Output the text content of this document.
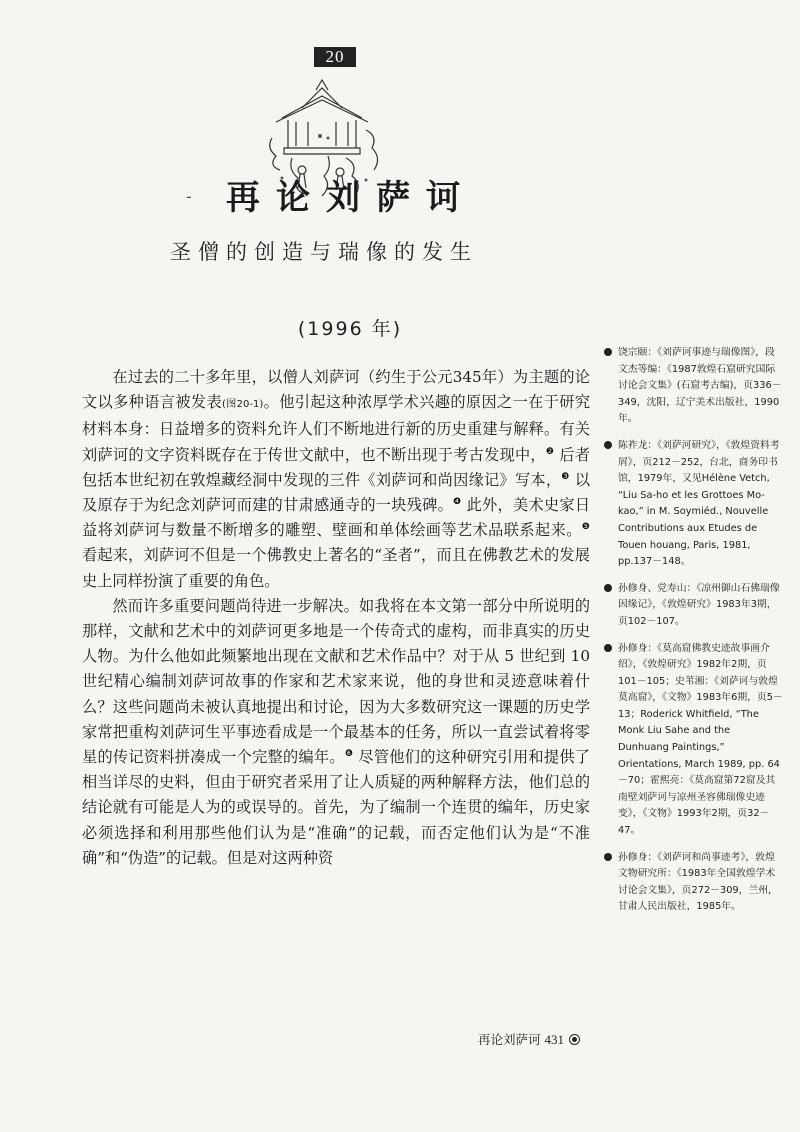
20
- 再论刘萨诃
圣僧的创造与瑞像的发生
(1996 年)

在过去的二十多年里，以僧人刘萨诃（约生于公元345年）为主题的论文以多种语言被发表(图20-1)。他引起这种浓厚学术兴趣的原因之一在于研究材料本身：日益增多的资料允许人们不断地进行新的历史重建与解释。有关刘萨诃的文字资料既存在于传世文献中，也不断出现于考古发现中，$^❷$ 后者包括本世纪初在敦煌藏经洞中发现的三件《刘萨诃和尚因缘记》写本，$^❸$ 以及原存于为纪念刘萨诃而建的甘肃感通寺的一块残碑。$^❹$ 此外，美术史家日益将刘萨诃与数量不断增多的雕塑、壁画和单体绘画等艺术品联系起来。$^❺$ 看起来，刘萨诃不但是一个佛教史上著名的“圣者”，而且在佛教艺术的发展史上同样扮演了重要的角色。

然而许多重要问题尚待进一步解决。如我将在本文第一部分中所说明的那样，文献和艺术中的刘萨诃更多地是一个传奇式的虚构，而非真实的历史人物。为什么他如此频繁地出现在文献和艺术作品中？对于从 5 世纪到 10 世纪精心编制刘萨诃故事的作家和艺术家来说，他的身世和灵迹意味着什么？这些问题尚未被认真地提出和讨论，因为大多数研究这一课题的历史学家常把重构刘萨诃生平事迹看成是一个最基本的任务，所以一直尝试着将零星的传记资料拼凑成一个完整的编年。$^❻$ 尽管他们的这种研究引用和提供了相当详尽的史料，但由于研究者采用了让人质疑的两种解释方法，他们总的结论就有可能是人为的或误导的。首先，为了编制一个连贯的编年，历史家必须选择和利用那些他们认为是“准确”的记载，而否定他们认为是“不准确”和“伪造”的记载。但是对这两种资

饶宗颐：《刘萨诃事迹与瑞像图》，段文杰等编：《1987敦煌石窟研究国际讨论会文集》(石窟考古编)，页336－349，沈阳，辽宁美术出版社，1990年。
陈祚龙：《刘萨河研究》，《敦煌资料考屑》，页212－252，台北，商务印书馆，1979年，又见Hélène Vetch, “Liu Sa-ho et les Grottoes Mo-kao,” in M. Soymiéd., Nouvelle Contributions aux Etudes de Touen houang, Paris, 1981, pp.137－148。
孙修身、党寿山：《凉州御山石佛瑞像因缘记》，《敦煌研究》1983年3期，页102－107。
孙修身：《莫高窟佛教史迹故事画介绍》，《敦煌研究》1982年2期，页101－105；史苇湘：《刘萨诃与敦煌莫高窟》，《文物》1983年6期，页5－13；Roderick Whitfield, “The Monk Liu Sahe and the Dunhuang Paintings,” Orientations, March 1989, pp. 64－70；霍熙亮：《莫高窟第72窟及其南壁刘萨诃与凉州圣容佛瑞像史迹变》，《文物》1993年2期，页32－47。
孙修身：《刘萨诃和尚事迹考》，敦煌文物研究所：《1983年全国敦煌学术讨论会文集》，页272－309，兰州，甘肃人民出版社，1985年。
再论刘萨诃 431
